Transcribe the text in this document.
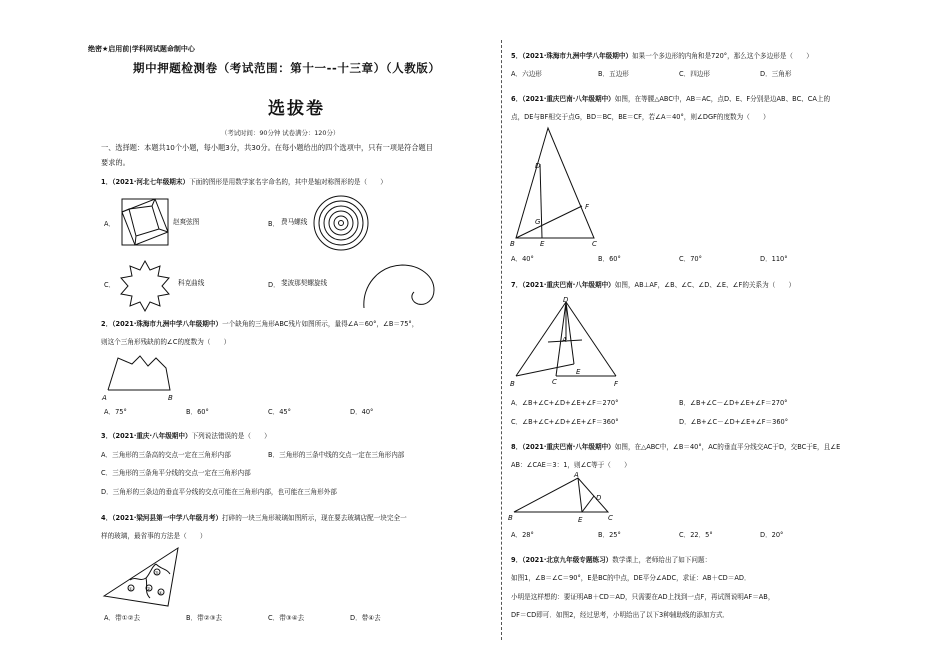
绝密★启用前|学科网试题命制中心
期中押题检测卷（考试范围：第十一--十三章）（人教版）
选拔卷
（考试时间：90分钟 试卷满分：120分）
一、选择题：本题共10个小题，每小题3分，共30分。在每小题给出的四个选项中，只有一项是符合题目
要求的。
1．（2021·河北七年级期末）下面的图形是用数学家名字命名的，其中是轴对称图形的是（　　）
A．	赵爽弦图	B． 费马螺线
C．	科克曲线	D． 斐波那契螺旋线
2．（2021·珠海市九洲中学八年级期中）一个缺角的三角形ABC残片如图所示，量得∠A＝60°，∠B＝75°，
则这个三角形残缺前的∠C的度数为（　　）
A	B
A．75°	B．60°	C．45°	D．40°
3．（2021·重庆·八年级期中）下列说法错误的是（　　）
A．三角形的三条高的交点一定在三角形内部	B．三角形的三条中线的交点一定在三角形内部
C．三角形的三条角平分线的交点一定在三角形内部
D．三角形的三条边的垂直平分线的交点可能在三角形内部，也可能在三角形外部
4．（2021·梁河县第一中学八年级月考）打碎的一块三角形玻璃如图所示，现在要去玻璃店配一块完全一
样的玻璃，最省事的方法是（　　）
①	②
③
④
A．带①②去	B．带②③去	C．带③④去	D．带④去
5．（2021·珠海市九洲中学八年级期中）如果一个多边形的内角和是720°，那么这个多边形是（　　）
A．六边形	B．五边形	C．四边形	D．三角形
6．（2021·重庆巴南·八年级期中）如图，在等腰△ABC中，AB＝AC，点D、E、F分别是边AB、BC、CA上的
点，DE与BF相交于点G，BD＝BC，BE＝CF，若∠A＝40°，则∠DGF的度数为（　　）
D
F
G
B	E	C
A．40°	B．60°	C．70°	D．110°
7．（2021·重庆巴南·八年级期中）如图，AB⊥AF，∠B、∠C、∠D、∠E、∠F的关系为（　　）
D
A
B	C
E
F
A．∠B+∠C+∠D+∠E+∠F＝270°	B．∠B+∠C－∠D+∠E+∠F＝270°
C．∠B+∠C+∠D+∠E+∠F＝360°	D．∠B+∠C－∠D+∠E+∠F＝360°
8．（2021·重庆巴南·八年级期中）如图，在△ABC中，∠B＝40°，AC的垂直平分线交AC于D，交BC于E，且∠E
AB：∠CAE＝3：1，则∠C等于（　　）
A
D
B	E	C
A．28°	B．25°	C．22．5°	D．20°
9．（2021·北京九年级专题练习）数学课上，老师给出了如下问题：
如图1，∠B＝∠C＝90°，E是BC的中点，DE平分∠ADC，求证：AB＋CD＝AD．
小明是这样想的：要证明AB＋CD＝AD，只需要在AD上找到一点F，再试图说明AF＝AB，
DF＝CD即可．如图2，经过思考，小明给出了以下3种辅助线的添加方式．
